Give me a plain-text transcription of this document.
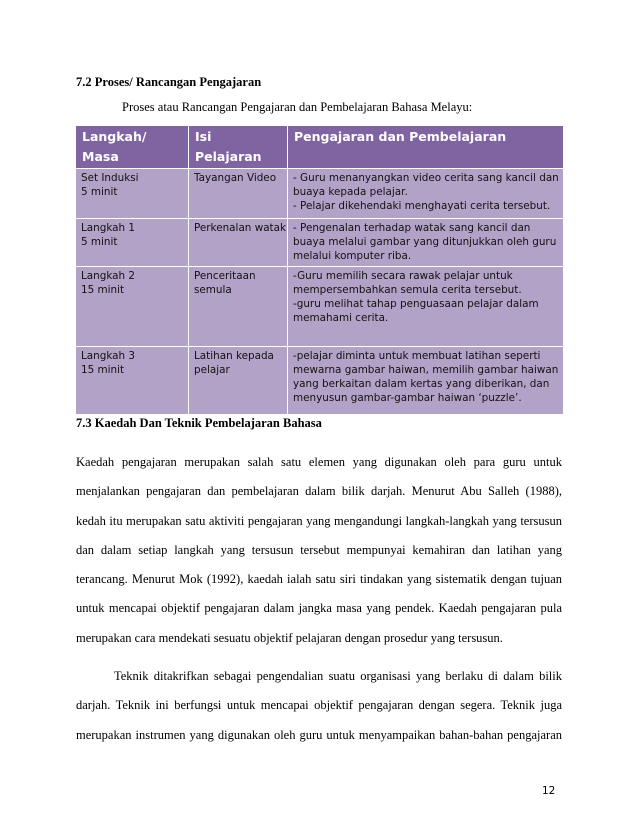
7.2 Proses/ Rancangan Pengajaran
Proses atau Rancangan Pengajaran dan Pembelajaran Bahasa Melayu:
Langkah/ Masa	Isi Pelajaran	Pengajaran dan Pembelajaran

Set Induksi
5 minit	Tayangan Video	- Guru menanyangkan video cerita sang kancil dan
buaya kepada pelajar.
- Pelajar dikehendaki menghayati cerita tersebut.

Langkah 1
5 minit	Perkenalan watak	- Pengenalan terhadap watak sang kancil dan
buaya melalui gambar yang ditunjukkan oleh guru
melalui komputer riba.

Langkah 2
15 minit	Penceritaan
semula	-Guru memilih secara rawak pelajar untuk
mempersembahkan semula cerita tersebut.
-guru melihat tahap penguasaan pelajar dalam
memahami cerita.

Langkah 3
15 minit	Latihan kepada
pelajar	-pelajar diminta untuk membuat latihan seperti
mewarna gambar haiwan, memilih gambar haiwan
yang berkaitan dalam kertas yang diberikan, dan
menyusun gambar-gambar haiwan ‘puzzle’.
7.3 Kaedah Dan Teknik Pembelajaran Bahasa
Kaedah pengajaran merupakan salah satu elemen yang digunakan oleh para guru untuk
menjalankan pengajaran dan pembelajaran dalam bilik darjah. Menurut Abu Salleh (1988),
kedah itu merupakan satu aktiviti pengajaran yang mengandungi langkah-langkah yang tersusun
dan dalam setiap langkah yang tersusun tersebut mempunyai kemahiran dan latihan yang
terancang. Menurut Mok (1992), kaedah ialah satu siri tindakan yang sistematik dengan tujuan
untuk mencapai objektif pengajaran dalam jangka masa yang pendek. Kaedah pengajaran pula
merupakan cara mendekati sesuatu objektif pelajaran dengan prosedur yang tersusun.
Teknik ditakrifkan sebagai pengendalian suatu organisasi yang berlaku di dalam bilik
darjah. Teknik ini berfungsi untuk mencapai objektif pengajaran dengan segera. Teknik juga
merupakan instrumen yang digunakan oleh guru untuk menyampaikan bahan-bahan pengajaran
12
